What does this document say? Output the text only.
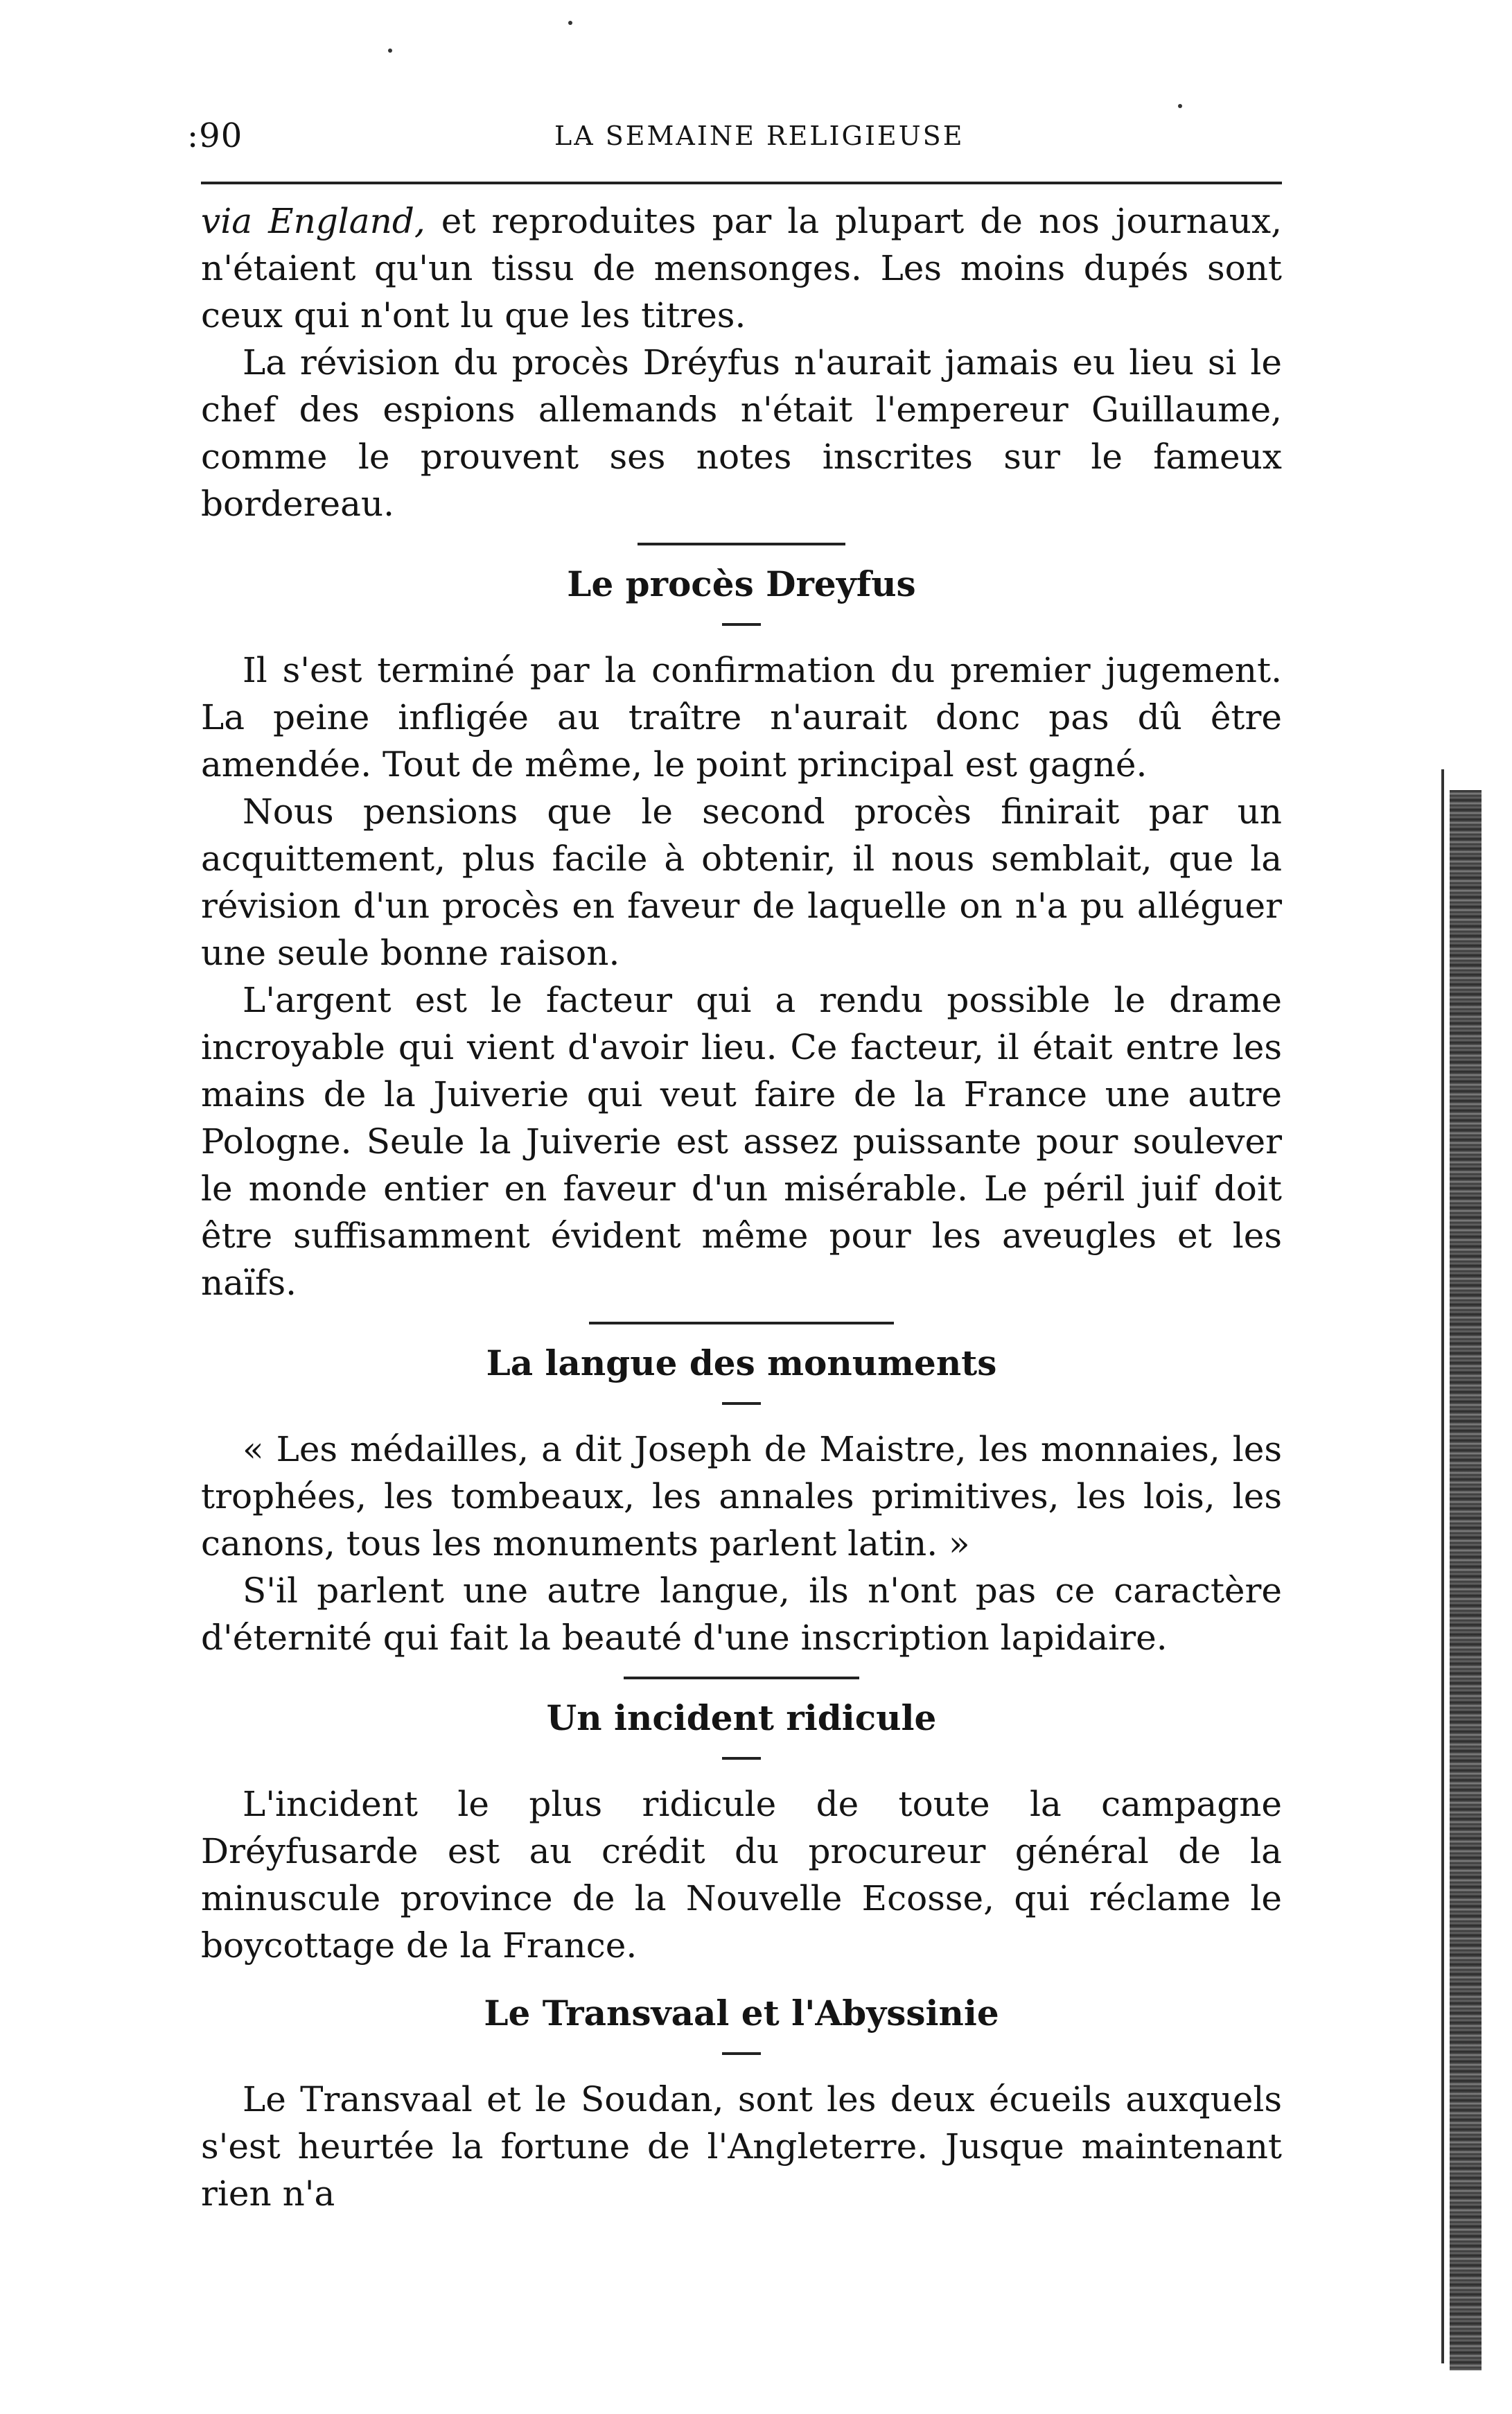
:90	LA SEMAINE RELIGIEUSE

via England, et reproduites par la plupart de nos journaux, n'étaient qu'un tissu de mensonges. Les moins dupés sont ceux qui n'ont lu que les titres.

La révision du procès Dréyfus n'aurait jamais eu lieu si le chef des espions allemands n'était l'empereur Guillaume, comme le prouvent ses notes inscrites sur le fameux bordereau.

Le procès Dreyfus

Il s'est terminé par la confirmation du premier jugement. La peine infligée au traître n'aurait donc pas dû être amendée. Tout de même, le point principal est gagné.

Nous pensions que le second procès finirait par un acquittement, plus facile à obtenir, il nous semblait, que la révision d'un procès en faveur de laquelle on n'a pu alléguer une seule bonne raison.

L'argent est le facteur qui a rendu possible le drame incroyable qui vient d'avoir lieu. Ce facteur, il était entre les mains de la Juiverie qui veut faire de la France une autre Pologne. Seule la Juiverie est assez puissante pour soulever le monde entier en faveur d'un misérable. Le péril juif doit être suffisamment évident même pour les aveugles et les naïfs.

La langue des monuments

« Les médailles, a dit Joseph de Maistre, les monnaies, les trophées, les tombeaux, les annales primitives, les lois, les canons, tous les monuments parlent latin. »

S'il parlent une autre langue, ils n'ont pas ce caractère d'éternité qui fait la beauté d'une inscription lapidaire.

Un incident ridicule

L'incident le plus ridicule de toute la campagne Dréyfusarde est au crédit du procureur général de la minuscule province de la Nouvelle Ecosse, qui réclame le boycottage de la France.

Le Transvaal et l'Abyssinie

Le Transvaal et le Soudan, sont les deux écueils auxquels s'est heurtée la fortune de l'Angleterre. Jusque maintenant rien n'a
